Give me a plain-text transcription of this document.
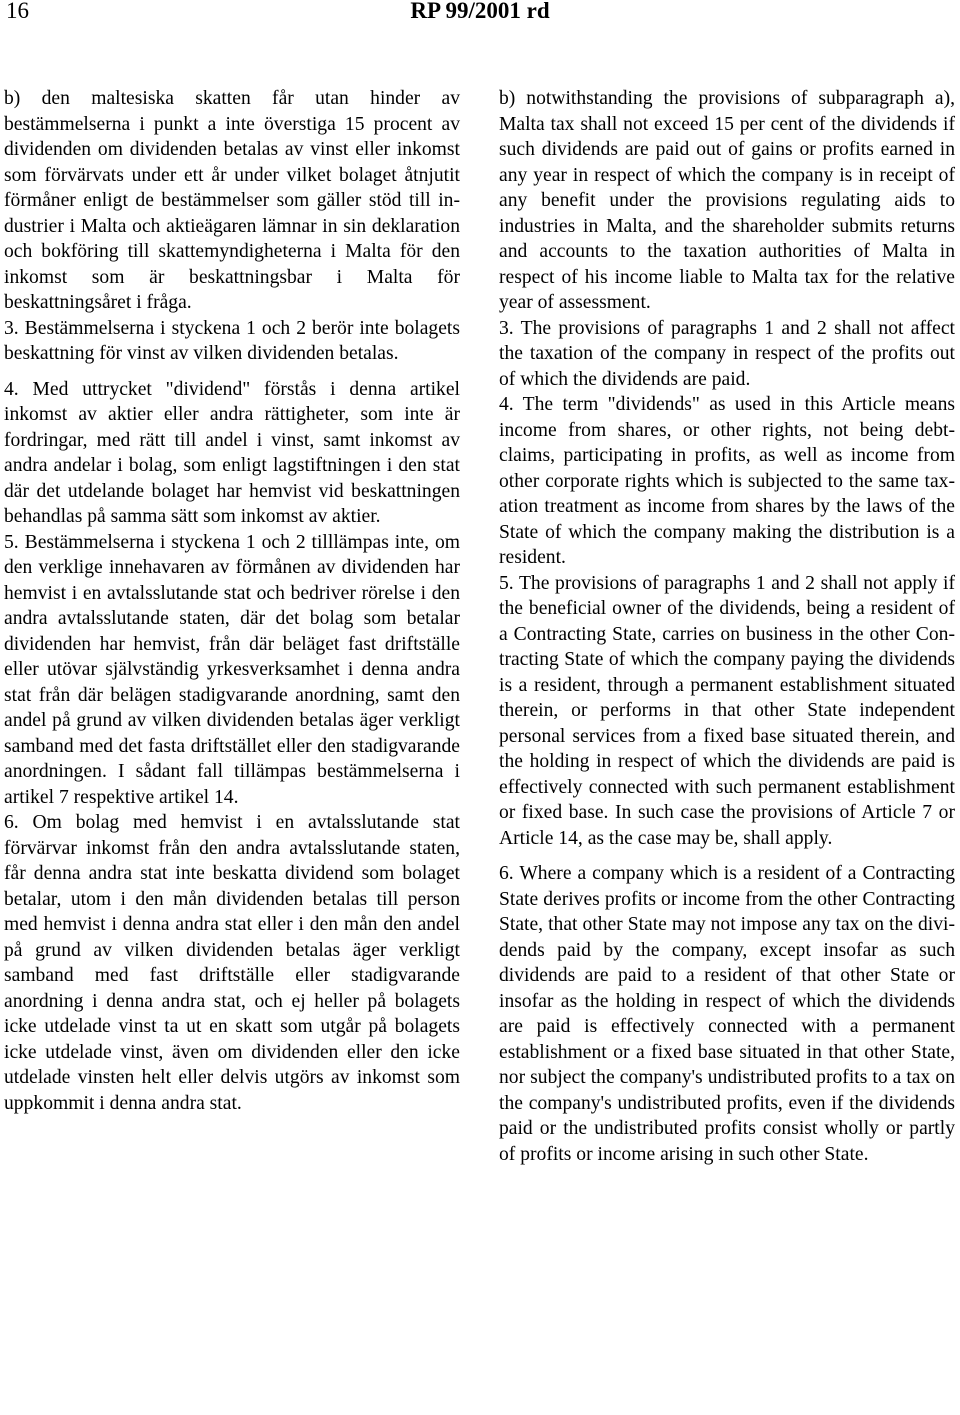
16	RP 99/2001 rd

b) den maltesiska skatten får utan hinder av bestämmelserna i punkt a inte överstiga 15 procent av dividenden om dividenden betalas av vinst eller inkomst som förvärvats under ett år under vilket bolaget åtnjutit förmåner enligt de bestämmelser som gäller stöd till industrier i Malta och aktieägaren lämnar in sin deklaration och bokföring till skattemyndigheterna i Malta för den inkomst som är beskattningsbar i Malta för beskattningsåret i fråga.

3. Bestämmelserna i styckena 1 och 2 berör inte bolagets beskattning för vinst av vilken dividenden betalas.

4. Med uttrycket "dividend" förstås i denna artikel inkomst av aktier eller andra rättigheter, som inte är fordringar, med rätt till andel i vinst, samt inkomst av andra andelar i bolag, som enligt lagstiftningen i den stat där det utdelande bolaget har hemvist vid beskattningen behandlas på samma sätt som inkomst av aktier.

5. Bestämmelserna i styckena 1 och 2 tilllämpas inte, om den verklige innehavaren av förmånen av dividenden har hemvist i en avtalsslutande stat och bedriver rörelse i den andra avtalsslutande staten, där det bolag som betalar dividenden har hemvist, från där beläget fast driftställe eller utövar självständig yrkesverksamhet i denna andra stat från där belägen stadigvarande anordning, samt den andel på grund av vilken dividenden betalas äger verkligt samband med det fasta driftstället eller den stadigvarande anordningen. I sådant fall tillämpas bestämmelserna i artikel 7 respektive artikel 14.

6. Om bolag med hemvist i en avtalsslutande stat förvärvar inkomst från den andra avtalsslutande staten, får denna andra stat inte beskatta dividend som bolaget betalar, utom i den mån dividenden betalas till person med hemvist i denna andra stat eller i den mån den andel på grund av vilken dividenden betalas äger verkligt samband med fast driftställe eller stadigvarande anordning i denna andra stat, och ej heller på bolagets icke utdelade vinst ta ut en skatt som utgår på bolagets icke utdelade vinst, även om dividenden eller den icke utdelade vinsten helt eller delvis utgörs av inkomst som uppkommit i denna andra stat.

b) notwithstanding the provisions of subparagraph a), Malta tax shall not exceed 15 per cent of the dividends if such dividends are paid out of gains or profits earned in any year in respect of which the company is in receipt of any benefit under the provisions regulating aids to industries in Malta, and the shareholder submits returns and accounts to the taxation authorities of Malta in respect of his income liable to Malta tax for the relative year of assessment.

3. The provisions of paragraphs 1 and 2 shall not affect the taxation of the company in respect of the profits out of which the dividends are paid.

4. The term "dividends" as used in this Article means income from shares, or other rights, not being debt-claims, participating in profits, as well as income from other corporate rights which is subjected to the same taxation treatment as income from shares by the laws of the State of which the company making the distribution is a resident.

5. The provisions of paragraphs 1 and 2 shall not apply if the beneficial owner of the dividends, being a resident of a Contracting State, carries on business in the other Contracting State of which the company paying the dividends is a resident, through a permanent establishment situated therein, or performs in that other State independent personal services from a fixed base situated therein, and the holding in respect of which the dividends are paid is effectively connected with such permanent establishment or fixed base. In such case the provisions of Article 7 or Article 14, as the case may be, shall apply.

6. Where a company which is a resident of a Contracting State derives profits or income from the other Contracting State, that other State may not impose any tax on the dividends paid by the company, except insofar as such dividends are paid to a resident of that other State or insofar as the holding in respect of which the dividends are paid is effectively connected with a permanent establishment or a fixed base situated in that other State, nor subject the company's undistributed profits to a tax on the company's undistributed profits, even if the dividends paid or the undistributed profits consist wholly or partly of profits or income arising in such other State.
